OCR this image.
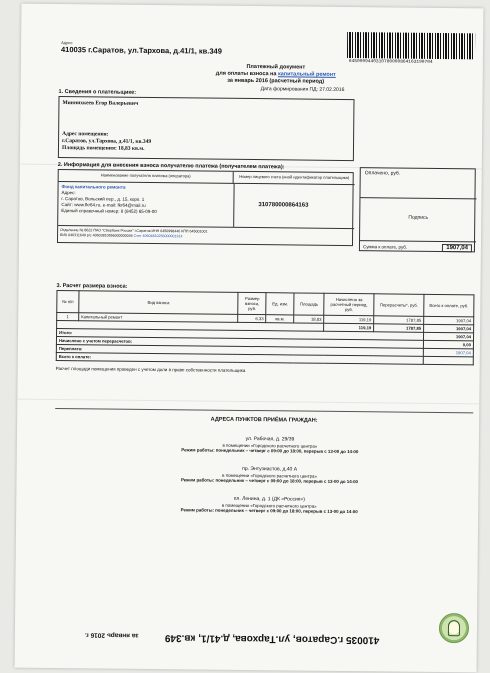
Адрес
410035 г.Саратов, ул.Тархова, д.41/1, кв.349
6450999440310780000864163190704
Платежный документ
для оплаты взноса на капитальный ремонт
за январь 2016 (расчетный период)
Дата формирования ПД: 27.02.2016
1. Сведения о плательщике:
Миннихкеев Егор Валерьевич
Адрес помещения:
г.Саратов, ул.Тархова, д.41/1, кв.349
Площадь помещения: 18,83 кв.м.
2. Информация для внесения взноса получателю платежа (получателем платежа):
Наименование получателя платежа (оператора)	Номер лицевого счета (иной идентификатор плательщика)
Фонд капитального ремонта
Адрес:
г. Саратов, Вольский пер., д. 15, корп. 1
Сайт: www.fkr64.ru, e-mail: fkr64@mail.ru
Единый справочный номер: 8 (8452) 65-09-00
310780000864163
Отделение № 8622 ПАО "Сбербанк России" г.Саратов ИНН 6450998440 КПП 645001001
БИК 046311649 р/с 40603810556000000046 Счет 40604810256000001914
Оплачено, руб.
Подпись
Сумма к оплате, руб.	1907,04
3. Расчет размера взноса:
№ п/п	Вид взноса	Размер взноса, руб.	Ед. изм.	Площадь	Начислено за расчетный период, руб.	Перерасчеты*, руб.	Всего к оплате, руб.
1	Капитальный ремонт	6,33	кв.м.	18,83	119,19	1787,85	1907,04
					119,19	1787,85	1907,04
Итого:							1907,04
Начислено с учетом перерасчетов:							0,00
Переплата:							1907,04
Всего к оплате:							
Расчет площади помещения проведен с учетом доли в праве собственности плательщика
АДРЕСА ПУНКТОВ ПРИЁМА ГРАЖДАН:
ул. Рабочая, д. 29/39
в помещении «Городского расчетного центра»
Режим работы: понедельник – четверг с 09:00 до 18:00, перерыв с 13-00 до 14-00
пр. Энтузиастов, д.40 А
в помещении «Городского расчетного центра»
Режим работы: понедельник – четверг с 09:00 до 18:00, перерыв с 13-00 до 14-00
пл. Ленина, д. 1 (ДК «Россия»)
в помещении «Городского расчетного центра»
Режим работы: понедельник – четверг с 09:00 до 18:00, перерыв с 13-00 до 14-00
410035 г.Саратов, ул.Тархова, д.41/1, кв.349
за январь 2016 г.
